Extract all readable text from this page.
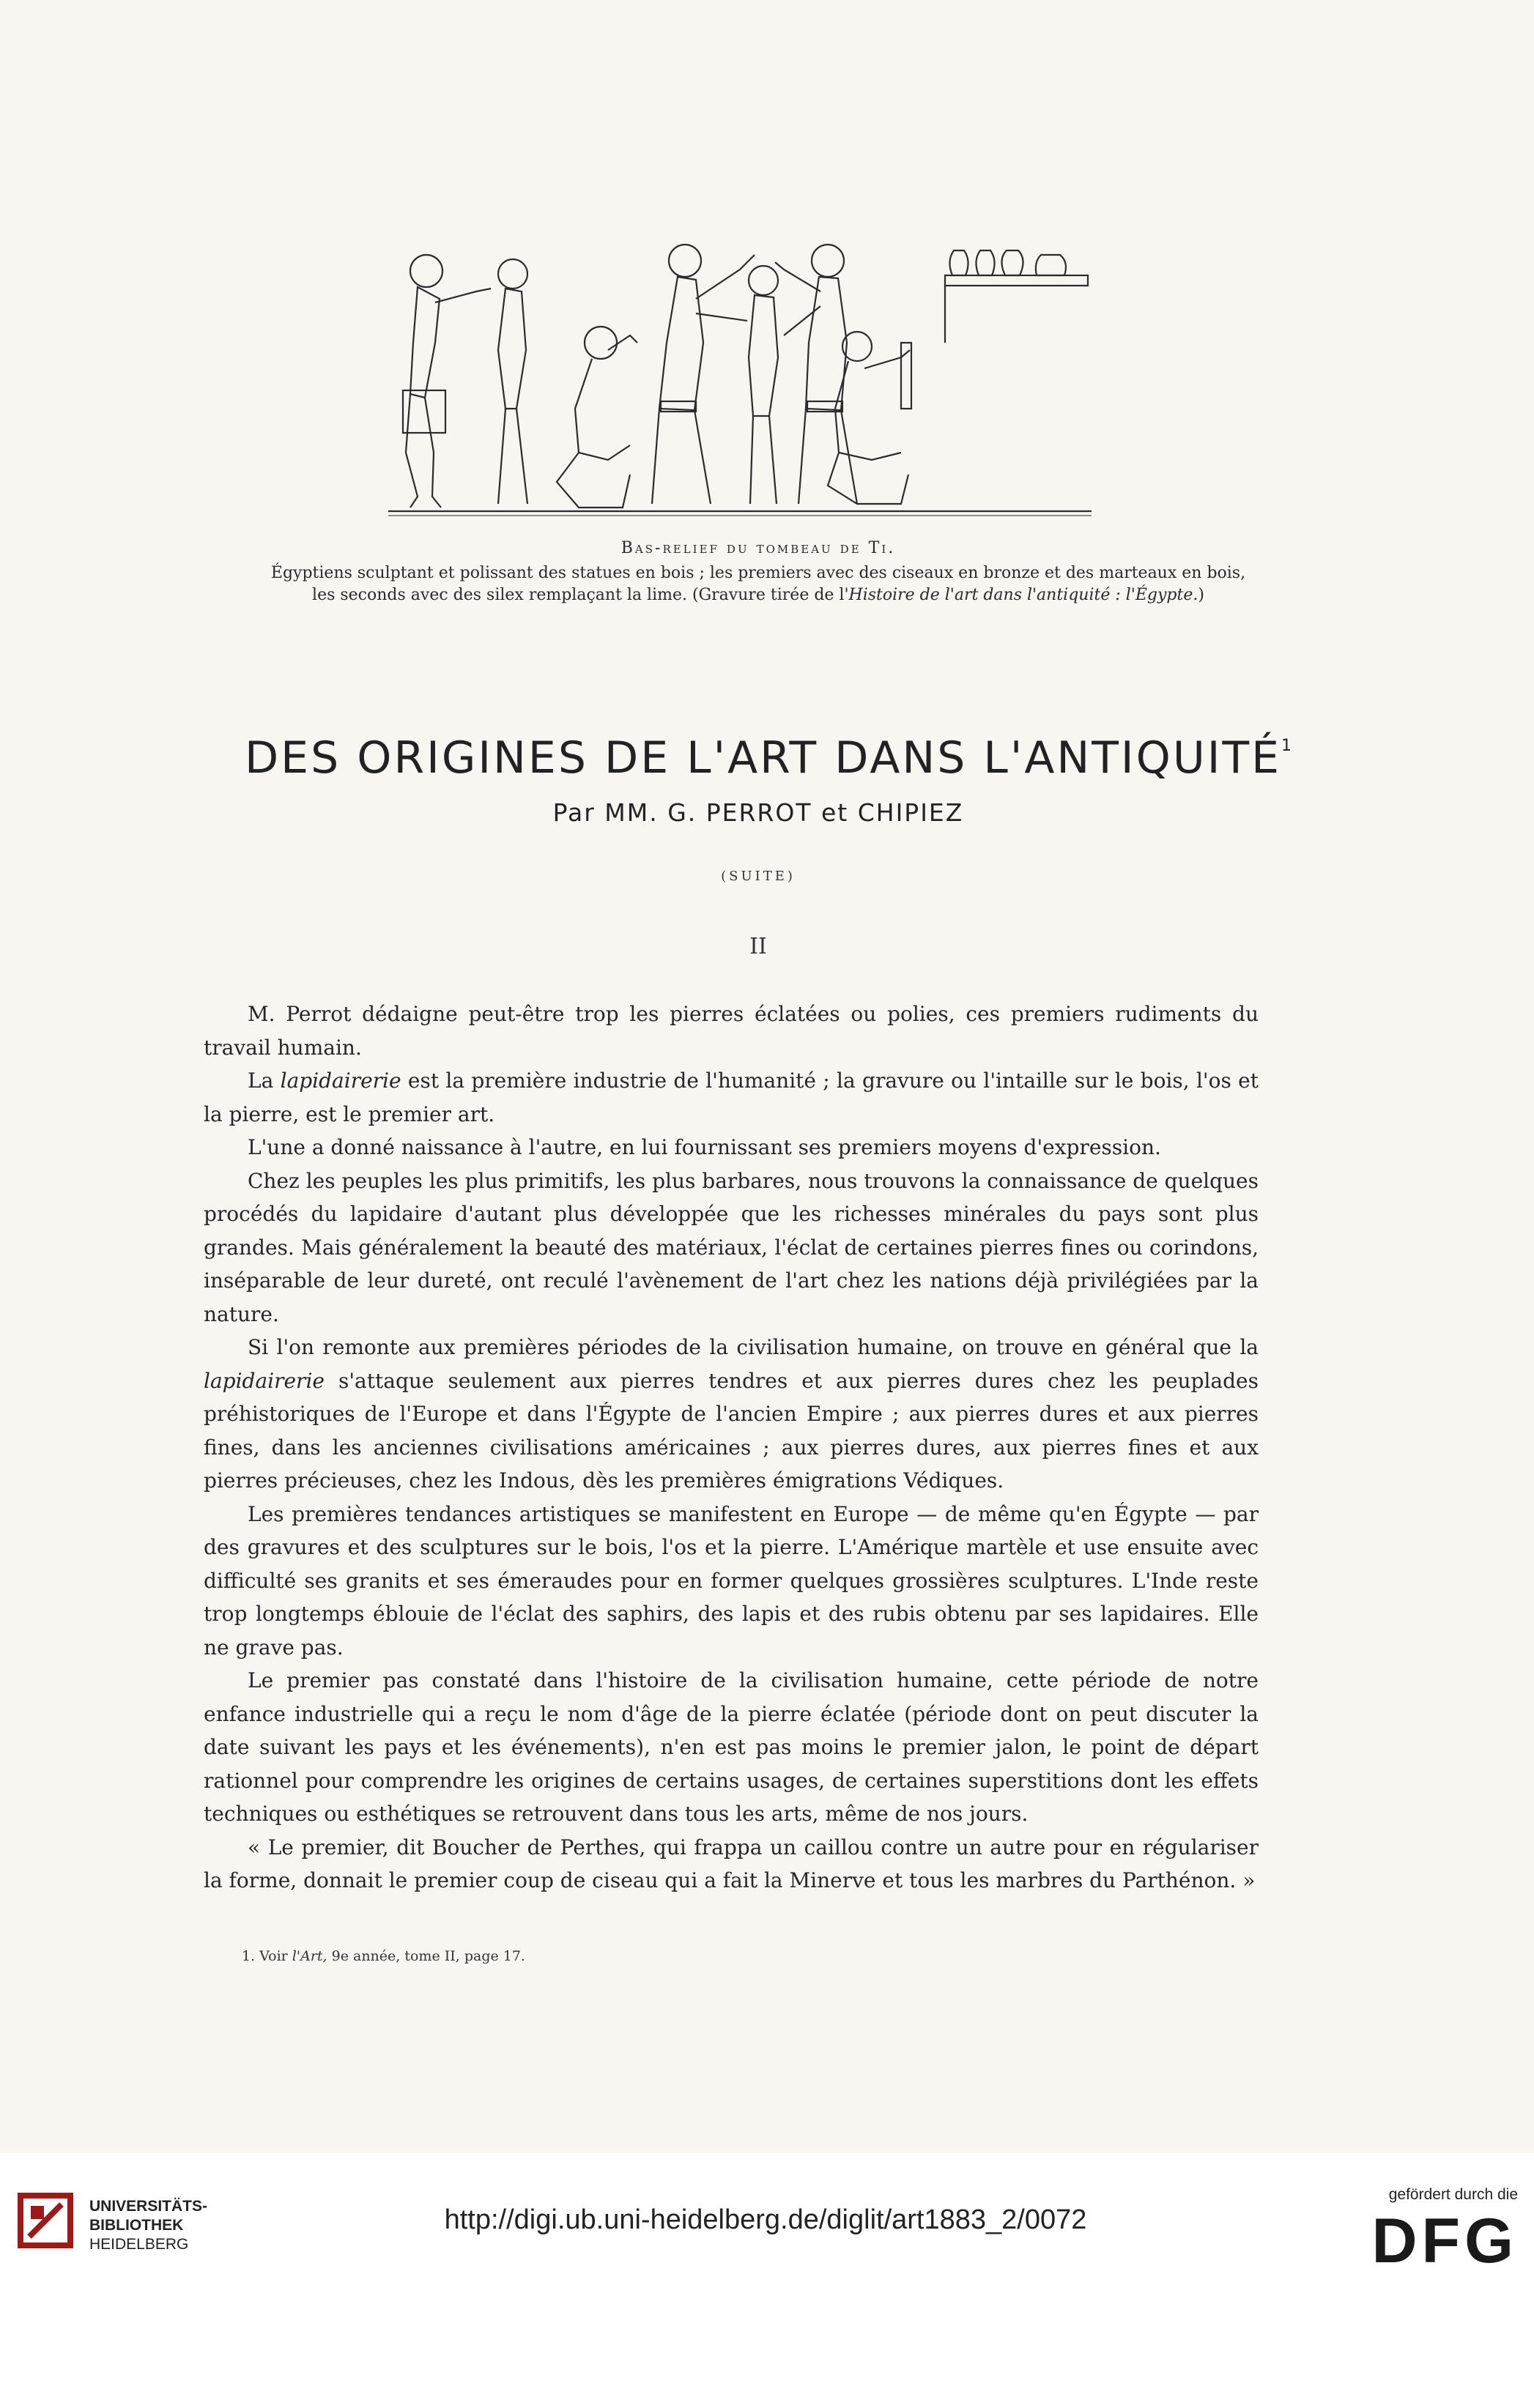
Bas-relief du tombeau de Ti.
Égyptiens sculptant et polissant des statues en bois ; les premiers avec des ciseaux en bronze et des marteaux en bois,
les seconds avec des silex remplaçant la lime. (Gravure tirée de l'Histoire de l'art dans l'antiquité : l'Égypte.)
DES ORIGINES DE L'ART DANS L'ANTIQUITÉ$^1$
Par MM. G. PERROT et CHIPIEZ
(SUITE)
II

M. Perrot dédaigne peut-être trop les pierres éclatées ou polies, ces premiers rudiments du travail humain.

La lapidairerie est la première industrie de l'humanité ; la gravure ou l'intaille sur le bois, l'os et la pierre, est le premier art.

L'une a donné naissance à l'autre, en lui fournissant ses premiers moyens d'expression.

Chez les peuples les plus primitifs, les plus barbares, nous trouvons la connaissance de quelques procédés du lapidaire d'autant plus développée que les richesses minérales du pays sont plus grandes. Mais généralement la beauté des matériaux, l'éclat de certaines pierres fines ou corindons, inséparable de leur dureté, ont reculé l'avènement de l'art chez les nations déjà privilégiées par la nature.

Si l'on remonte aux premières périodes de la civilisation humaine, on trouve en général que la lapidairerie s'attaque seulement aux pierres tendres et aux pierres dures chez les peuplades préhistoriques de l'Europe et dans l'Égypte de l'ancien Empire ; aux pierres dures et aux pierres fines, dans les anciennes civilisations américaines ; aux pierres dures, aux pierres fines et aux pierres précieuses, chez les Indous, dès les premières émigrations Védiques.

Les premières tendances artistiques se manifestent en Europe — de même qu'en Égypte — par des gravures et des sculptures sur le bois, l'os et la pierre. L'Amérique martèle et use ensuite avec difficulté ses granits et ses émeraudes pour en former quelques grossières sculptures. L'Inde reste trop longtemps éblouie de l'éclat des saphirs, des lapis et des rubis obtenu par ses lapidaires. Elle ne grave pas.

Le premier pas constaté dans l'histoire de la civilisation humaine, cette période de notre enfance industrielle qui a reçu le nom d'âge de la pierre éclatée (période dont on peut discuter la date suivant les pays et les événements), n'en est pas moins le premier jalon, le point de départ rationnel pour comprendre les origines de certains usages, de certaines superstitions dont les effets techniques ou esthétiques se retrouvent dans tous les arts, même de nos jours.

« Le premier, dit Boucher de Perthes, qui frappa un caillou contre un autre pour en régulariser la forme, donnait le premier coup de ciseau qui a fait la Minerve et tous les marbres du Parthénon. »

1. Voir l'Art, 9e année, tome II, page 17.
UNIVERSITÄTS-
BIBLIOTHEK
HEIDELBERG
http://digi.ub.uni-heidelberg.de/diglit/art1883_2/0072
gefördert durch die
DFG
